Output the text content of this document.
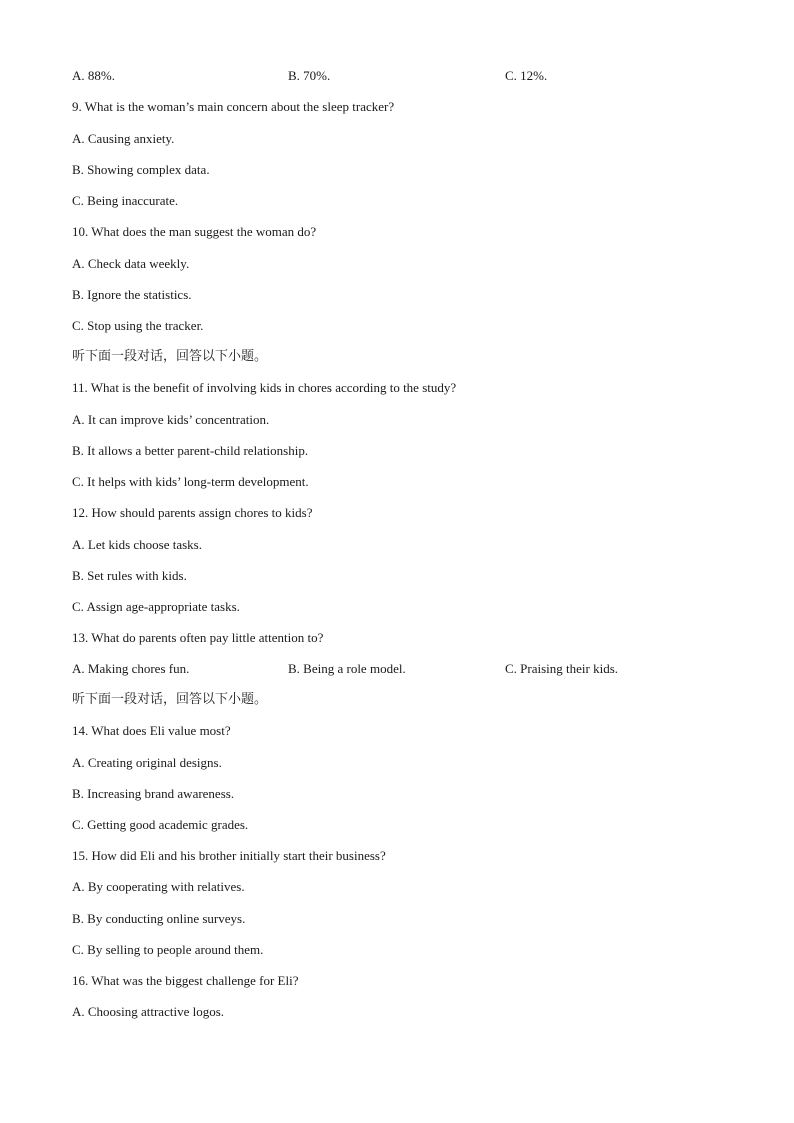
A. 88%.	B. 70%.	C. 12%.
9. What is the woman’s main concern about the sleep tracker?
A. Causing anxiety.
B. Showing complex data.
C. Being inaccurate.
10. What does the man suggest the woman do?
A. Check data weekly.
B. Ignore the statistics.
C. Stop using the tracker.
听下面一段对话，回答以下小题。
11. What is the benefit of involving kids in chores according to the study?
A. It can improve kids’ concentration.
B. It allows a better parent-child relationship.
C. It helps with kids’ long-term development.
12. How should parents assign chores to kids?
A. Let kids choose tasks.
B. Set rules with kids.
C. Assign age-appropriate tasks.
13. What do parents often pay little attention to?
A. Making chores fun.	B. Being a role model.	C. Praising their kids.
听下面一段对话，回答以下小题。
14. What does Eli value most?
A. Creating original designs.
B. Increasing brand awareness.
C. Getting good academic grades.
15. How did Eli and his brother initially start their business?
A. By cooperating with relatives.
B. By conducting online surveys.
C. By selling to people around them.
16. What was the biggest challenge for Eli?
A. Choosing attractive logos.
